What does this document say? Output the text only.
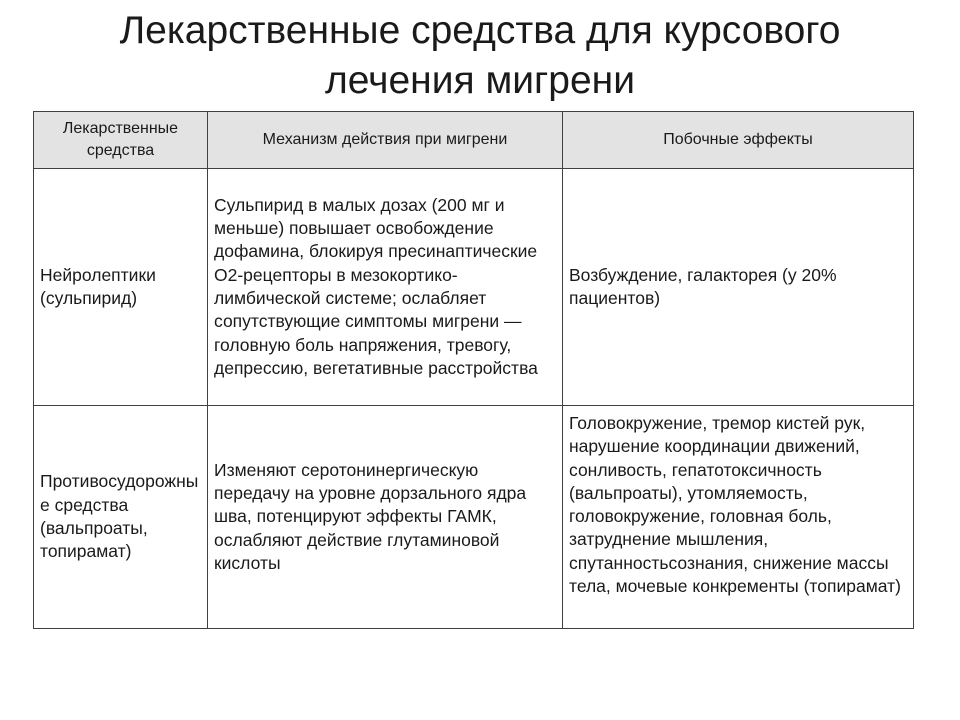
Лекарственные средства для курсового
лечения мигрени
Лекарственные средства	Механизм действия при мигрени	Побочные эффекты
Нейролептики (сульпирид)	Сульпирид в малых дозах (200 мг и меньше) повышает освобождение дофамина, блокируя пресинаптические O2-рецепторы в мезокортико-лимбической системе; ослабляет сопутствующие симптомы мигрени — головную боль напряжения, тревогу, депрессию, вегетативные расстройства	Возбуждение, галакторея (у 20% пациентов)
Противосудорожные средства (вальпроаты, топирамат)	Изменяют серотонинергическую передачу на уровне дорзального ядра шва, потенцируют эффекты ГАМК, ослабляют действие глутаминовой кислоты	Головокружение, тремор кистей рук, нарушение координации движений, сонливость, гепатотоксичность (вальпроаты), утомляемость, головокружение, головная боль, затруднение мышления, спутанностьсознания, снижение массы тела, мочевые конкременты (топирамат)
